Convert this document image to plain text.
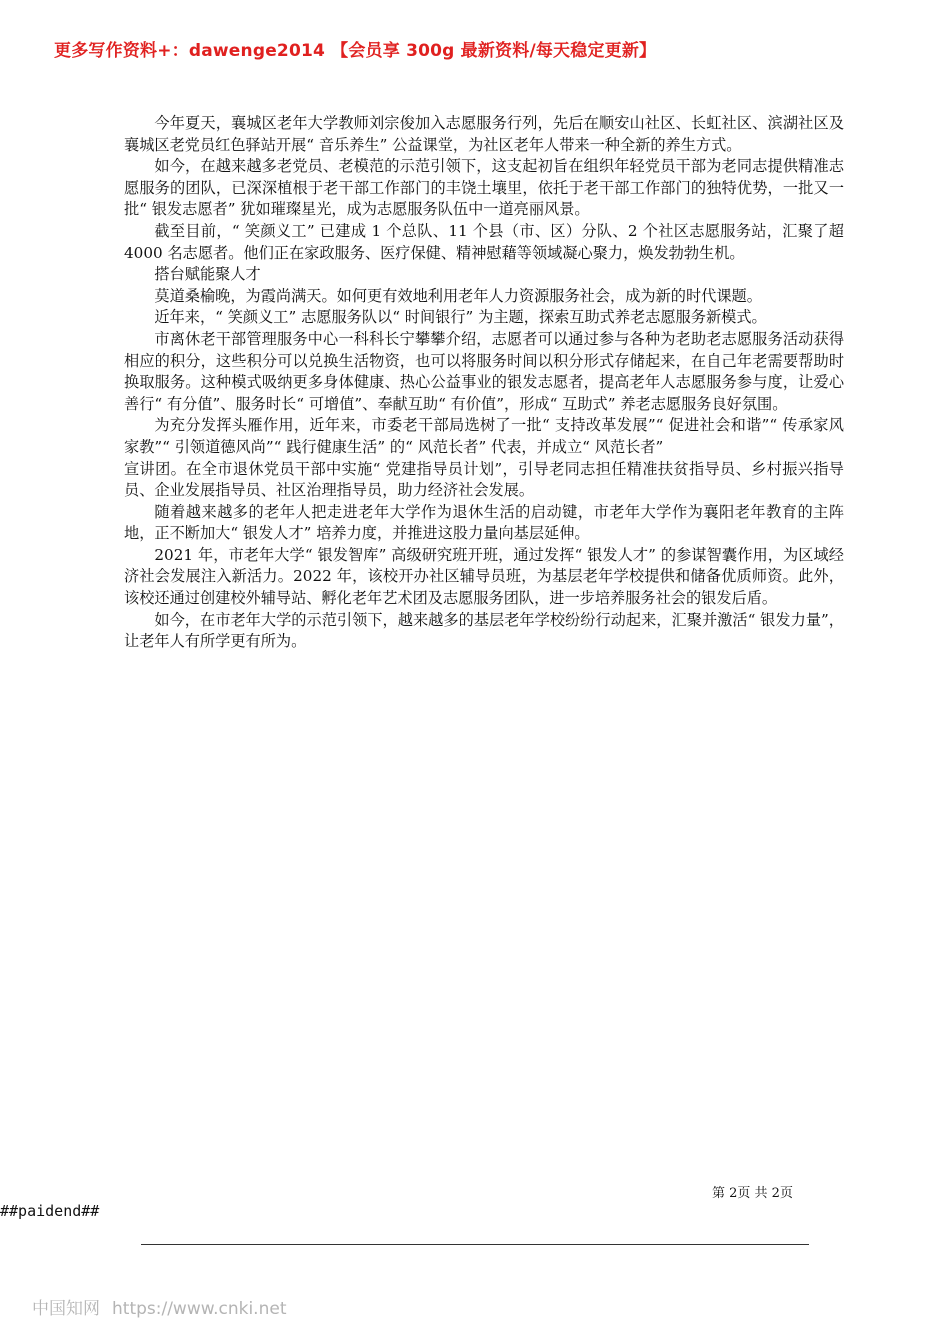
更多写作资料+：dawenge2014 【会员享 300g 最新资料/每天稳定更新】

今年夏天，襄城区老年大学教师刘宗俊加入志愿服务行列，先后在顺安山社区、长虹社区、滨湖社区及襄城区老党员红色驿站开展“ 音乐养生” 公益课堂，为社区老年人带来一种全新的养生方式。

如今，在越来越多老党员、老模范的示范引领下，这支起初旨在组织年轻党员干部为老同志提供精准志愿服务的团队，已深深植根于老干部工作部门的丰饶土壤里，依托于老干部工作部门的独特优势，一批又一批“ 银发志愿者” 犹如璀璨星光，成为志愿服务队伍中一道亮丽风景。

截至目前，“ 笑颜义工” 已建成 1 个总队、11 个县（市、区）分队、2 个社区志愿服务站，汇聚了超 4000 名志愿者。他们正在家政服务、医疗保健、精神慰藉等领域凝心聚力，焕发勃勃生机。

搭台赋能聚人才

莫道桑榆晚，为霞尚满天。如何更有效地利用老年人力资源服务社会，成为新的时代课题。

近年来，“ 笑颜义工” 志愿服务队以“ 时间银行” 为主题，探索互助式养老志愿服务新模式。

市离休老干部管理服务中心一科科长宁攀攀介绍，志愿者可以通过参与各种为老助老志愿服务活动获得相应的积分，这些积分可以兑换生活物资，也可以将服务时间以积分形式存储起来，在自己年老需要帮助时换取服务。这种模式吸纳更多身体健康、热心公益事业的银发志愿者，提高老年人志愿服务参与度，让爱心善行“ 有分值”、服务时长“ 可增值”、奉献互助“ 有价值”，形成“ 互助式” 养老志愿服务良好氛围。

为充分发挥头雁作用，近年来，市委老干部局选树了一批“ 支持改革发展”“ 促进社会和谐”“ 传承家风家教”“ 引领道德风尚”“ 践行健康生活” 的“ 风范长者” 代表，并成立“ 风范长者”

宣讲团。在全市退休党员干部中实施“ 党建指导员计划”，引导老同志担任精准扶贫指导员、乡村振兴指导员、企业发展指导员、社区治理指导员，助力经济社会发展。

随着越来越多的老年人把走进老年大学作为退休生活的启动键，市老年大学作为襄阳老年教育的主阵地，正不断加大“ 银发人才” 培养力度，并推进这股力量向基层延伸。

2021 年，市老年大学“ 银发智库” 高级研究班开班，通过发挥“ 银发人才” 的参谋智囊作用，为区域经济社会发展注入新活力。2022 年，该校开办社区辅导员班，为基层老年学校提供和储备优质师资。此外，该校还通过创建校外辅导站、孵化老年艺术团及志愿服务团队，进一步培养服务社会的银发后盾。

如今，在市老年大学的示范引领下，越来越多的基层老年学校纷纷行动起来，汇聚并激活“ 银发力量”，让老年人有所学更有所为。

第 2页 共 2页
##paidend##
中国知网 https://www.cnki.net
